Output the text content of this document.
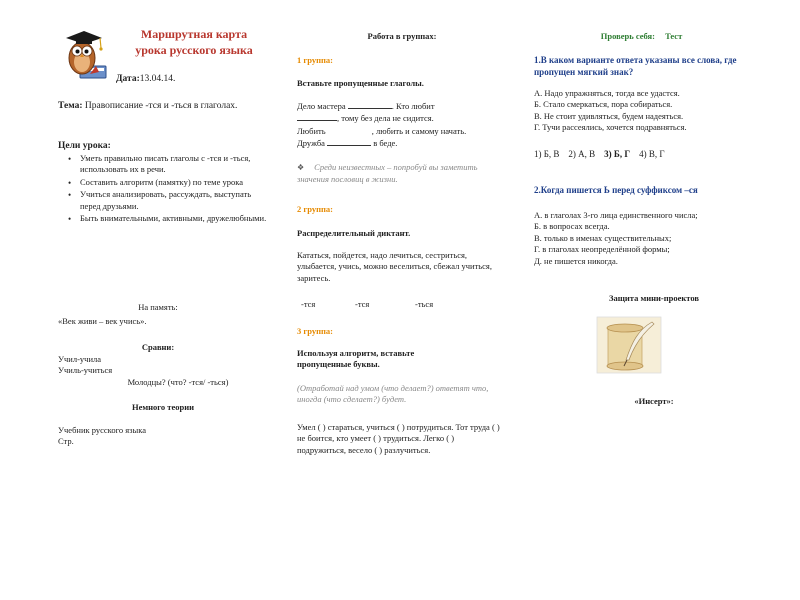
Маршрутная карта
урока русского языка
Дата:13.04.14.
Тема: Правописание -тся и -ться в глаголах.

Цели урока:

• Уметь правильно писать глаголы с -тся и -ться, использовать их в речи.
• Составить алгоритм (памятку) по теме урока
• Учиться анализировать, рассуждать, выступать перед друзьями.
• Быть внимательными, активными, дружелюбными.

На память:

«Век живи – век учись».

Сравни:

Учил-учила

Училь-учиться

Молодцы? (что? -тся/ -ться)

Немного теории

Учебник русского языка

Стр.

Работа в группах:

1 группа:

Вставьте пропущенные глаголы.

Дело мастера	. Кто любит

, тому без дела не сидится.

Любить	, любить и самому начать.

Дружба	в беде.

❖ Среди неизвестных – попробуй вы заметить значения пословиц в жизни.

2 группа:

Распределительный диктант.

Кататься, пойдется, надо лечиться, сестриться, улыбается, учись, можно веселиться, сбежал учиться, заритесь.

-тся	-тся	-ться

3 группа:

Используя алгоритм, вставьте

пропущенные буквы.

(Отработай над умом (что делает?) ответят что, иногда (что сделает?) будет.

Умел ( ) стараться, учиться ( ) потрудиться. Тот труда ( ) не боится, кто умеет ( ) трудиться. Легко ( ) подружиться, весело ( ) разлучиться.

Проверь себя: Тест

1.В каком варианте ответа указаны все слова, где пропущен мягкий знак?

А. Надо упражняться, тогда все удастся.

Б. Стало смеркаться, пора собираться.

В. Не стоит удивляться, будем надеяться.

Г. Тучи рассеялись, хочется подравняться.

1) Б, В 2) А, В 3) Б, Г 4) В, Г

2.Когда пишется Ь перед суффиксом –ся

А. в глаголах 3-го лица единственного числа;

Б. в вопросах всегда.

В. только в именах существительных;

Г. в глаголах неопределённой формы;

Д. не пишется никогда.

Защита мини-проектов

«Инсерт»:
